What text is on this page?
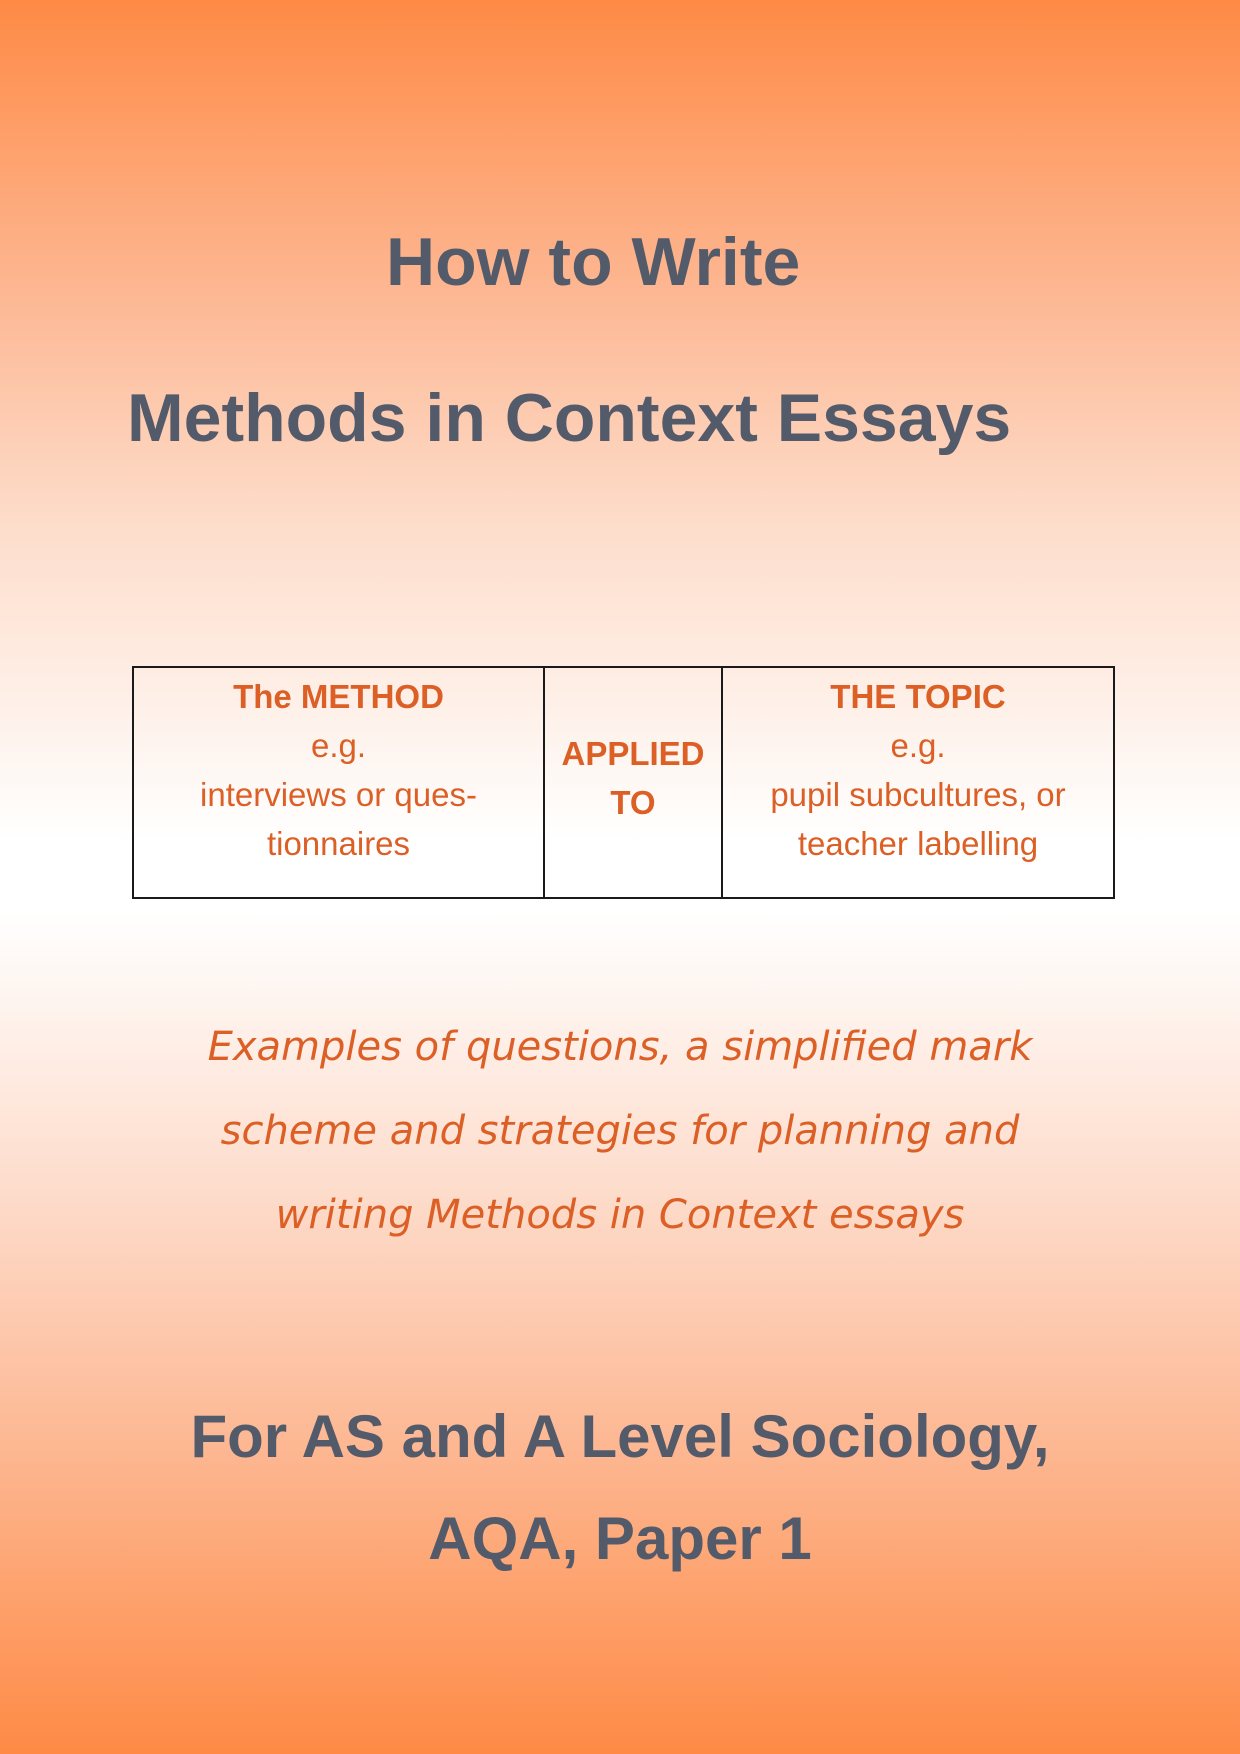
How to Write
Methods in Context Essays
The METHOD
e.g.
interviews or ques-
tionnaires

APPLIED
TO

THE TOPIC
e.g.
pupil subcultures, or
teacher labelling

Examples of questions, a simplified mark
scheme and strategies for planning and
writing Methods in Context essays

For AS and A Level Sociology,
AQA, Paper 1
